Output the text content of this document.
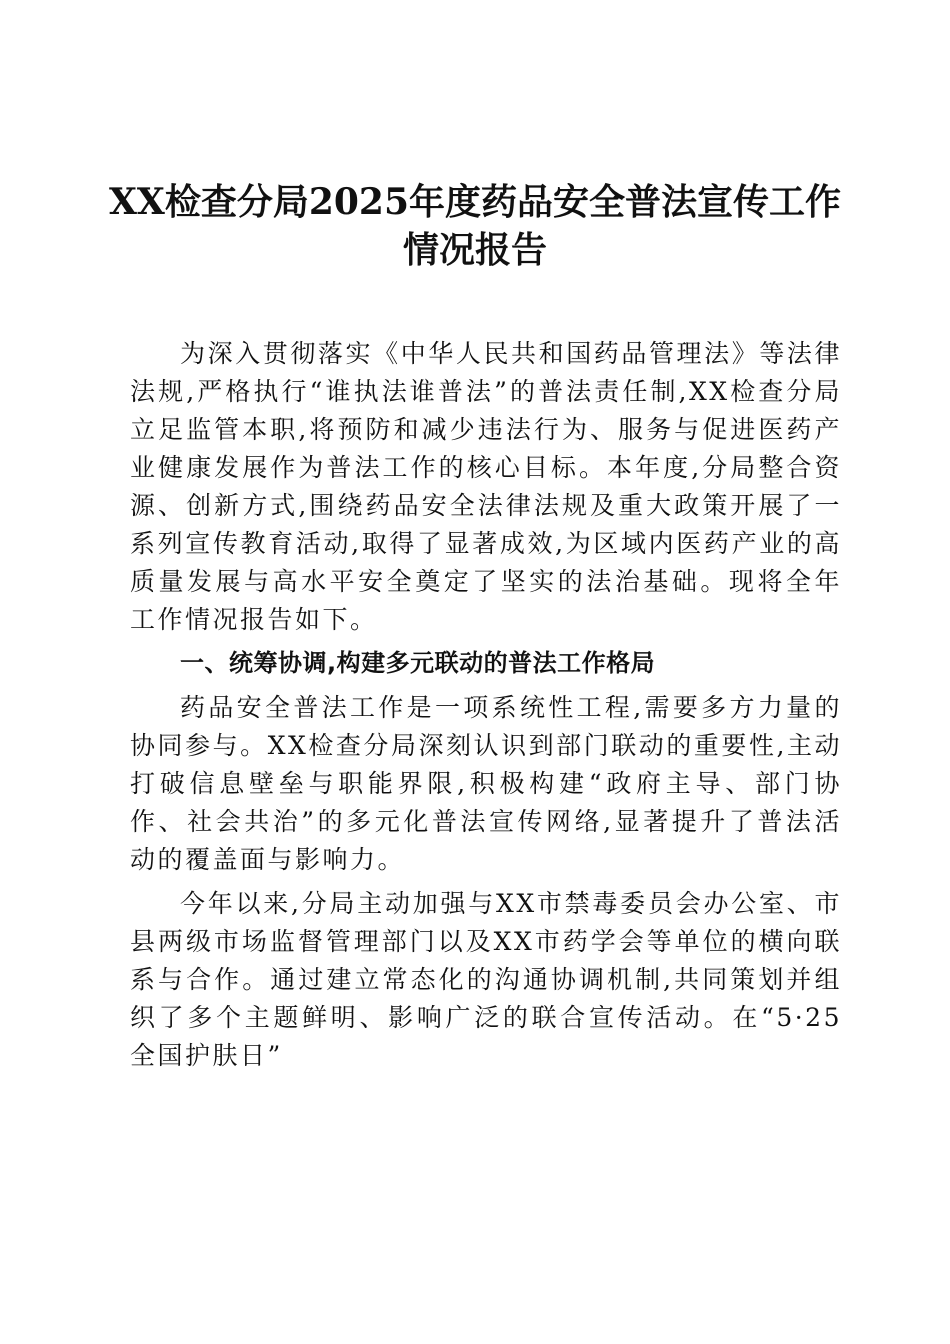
XX检查分局2025年度药品安全普法宣传工作
情况报告

为深入贯彻落实《中华人民共和国药品管理法》等法律法规,严格执行“谁执法谁普法”的普法责任制,XX检查分局立足监管本职,将预防和减少违法行为、服务与促进医药产业健康发展作为普法工作的核心目标。本年度,分局整合资源、创新方式,围绕药品安全法律法规及重大政策开展了一系列宣传教育活动,取得了显著成效,为区域内医药产业的高质量发展与高水平安全奠定了坚实的法治基础。现将全年工作情况报告如下。

一、统筹协调,构建多元联动的普法工作格局

药品安全普法工作是一项系统性工程,需要多方力量的协同参与。XX检查分局深刻认识到部门联动的重要性,主动打破信息壁垒与职能界限,积极构建“政府主导、部门协作、社会共治”的多元化普法宣传网络,显著提升了普法活动的覆盖面与影响力。

今年以来,分局主动加强与XX市禁毒委员会办公室、市县两级市场监督管理部门以及XX市药学会等单位的横向联系与合作。通过建立常态化的沟通协调机制,共同策划并组织了多个主题鲜明、影响广泛的联合宣传活动。在“5·25全国护肤日”
